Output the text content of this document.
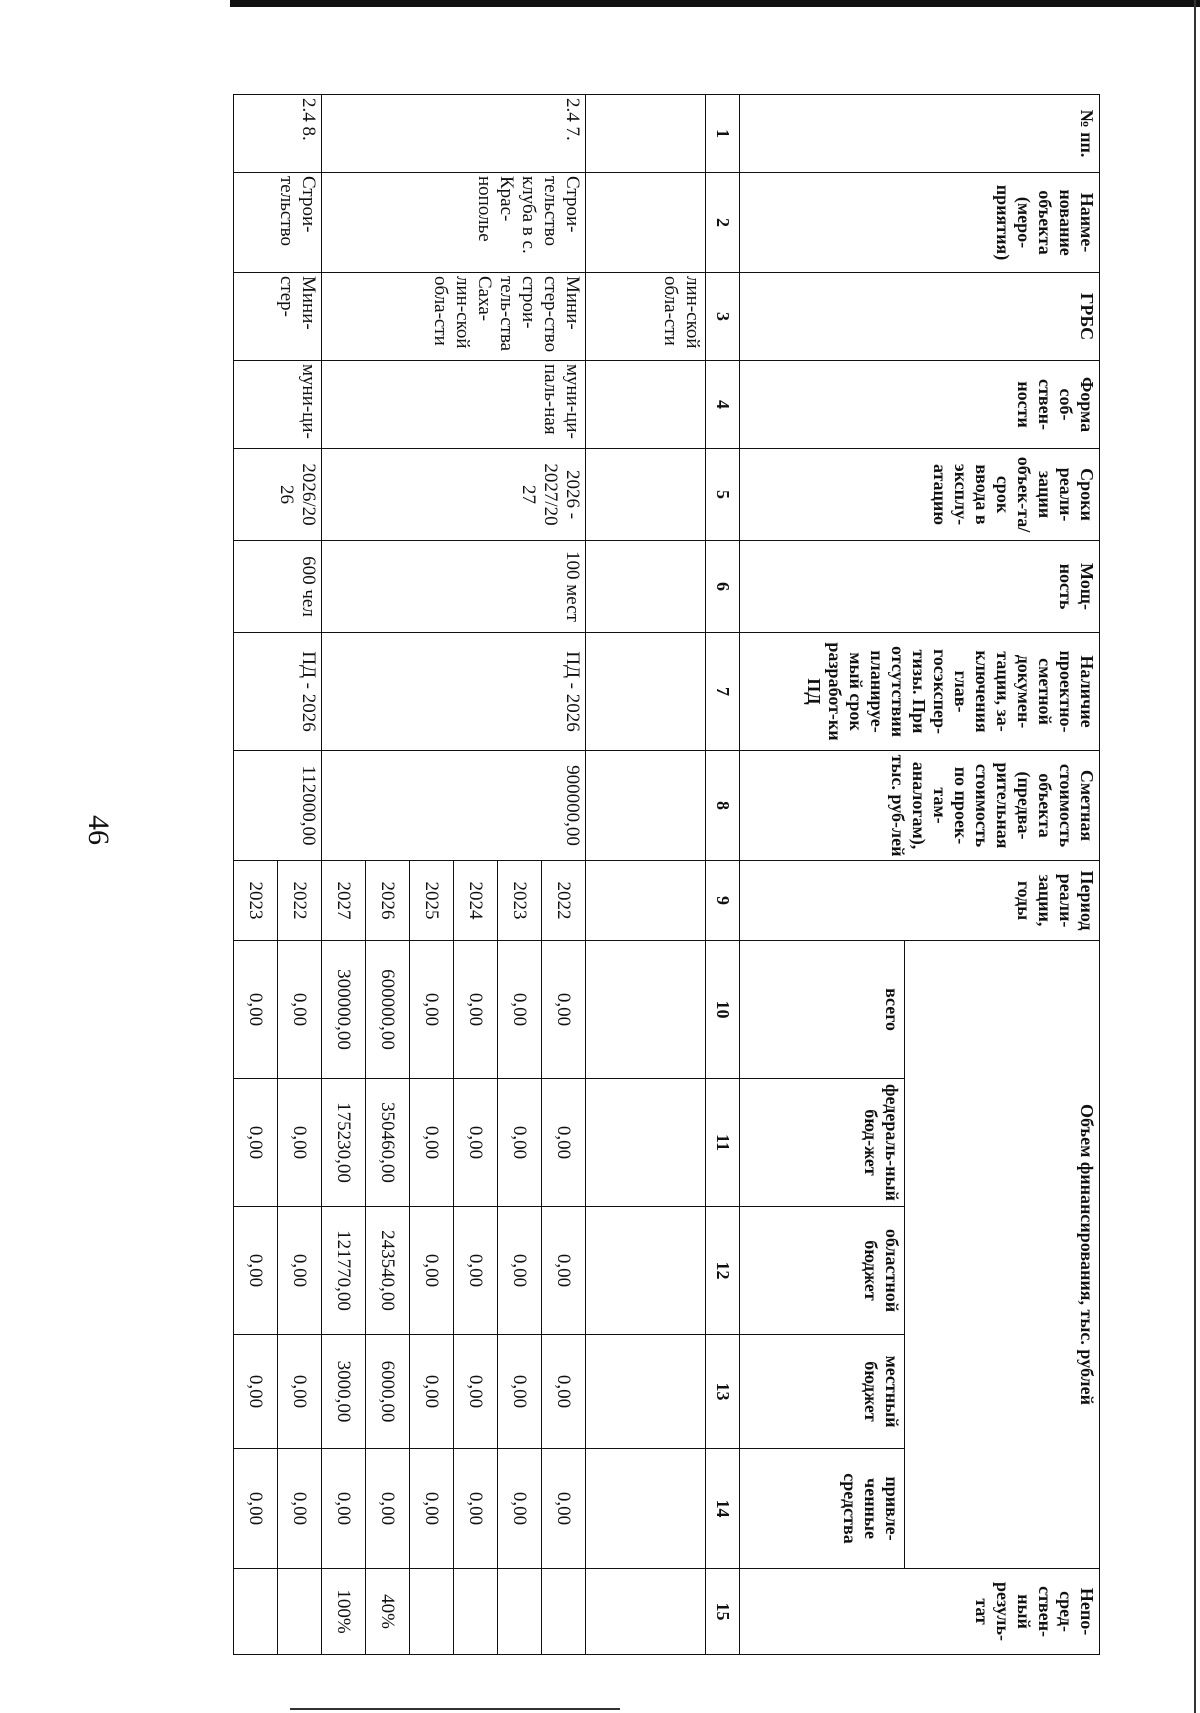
46
№ пп.	Наиме-нование объекта (меро-приятия)	ГРБС	Форма соб-ствен-ности	Сроки реали-зации объек-та/срок ввода в эксплу-атацию	Мощ-ность	Наличие проектно-сметной докумен-тации, за-ключения глав-госэкспер-тизы. При отсутствии планируе-мый срок разработ-ки ПД	Сметная стоимость объекта (предва-рительная стоимость по проек-там-аналогам), тыс. руб-лей	Период реали-зации, годы	Объем финансирования, тыс. рублей					Непо-сред-ствен-ный резуль-тат
									всего	федераль-ный бюд-жет	областной бюджет	местный бюджет	привле-ченные средства	
1	2	3	4	5	6	7	8	9	10	11	12	13	14	15
		лин-ской обла-сти												
2.4 7.	Строи-тельство клуба в с. Крас-нополье	Мини-стер-ство строи-тель-ства Саха-лин-ской обла-сти	муни-ци-паль-ная	2026 - 2027/20 27	100 мест	ПД - 2026	900000,00	2022	0,00	0,00	0,00	0,00	0,00	
								2023	0,00	0,00	0,00	0,00	0,00	
								2024	0,00	0,00	0,00	0,00	0,00	
								2025	0,00	0,00	0,00	0,00	0,00	
								2026	600000,00	350460,00	243540,00	6000,00	0,00	40%
								2027	300000,00	175230,00	121770,00	3000,00	0,00	100%
2.4 8.	Строи-тельство	Мини-стер-	муни-ци-	2026/20 26	600 чел	ПД - 2026	112000,00	2022	0,00	0,00	0,00	0,00	0,00	
								2023	0,00	0,00	0,00	0,00	0,00	
